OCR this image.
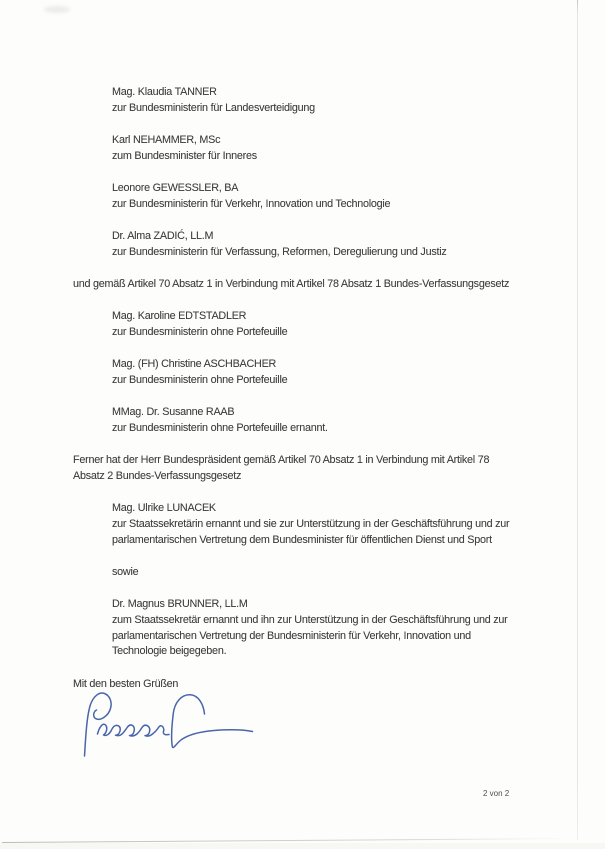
Mag. Klaudia TANNER
zur Bundesministerin für Landesverteidigung
Karl NEHAMMER, MSc
zum Bundesminister für Inneres
Leonore GEWESSLER, BA
zur Bundesministerin für Verkehr, Innovation und Technologie
Dr. Alma ZADIĆ, LL.M
zur Bundesministerin für Verfassung, Reformen, Deregulierung und Justiz
und gemäß Artikel 70 Absatz 1 in Verbindung mit Artikel 78 Absatz 1 Bundes-Verfassungsgesetz
Mag. Karoline EDTSTADLER
zur Bundesministerin ohne Portefeuille
Mag. (FH) Christine ASCHBACHER
zur Bundesministerin ohne Portefeuille
MMag. Dr. Susanne RAAB
zur Bundesministerin ohne Portefeuille ernannt.
Ferner hat der Herr Bundespräsident gemäß Artikel 70 Absatz 1 in Verbindung mit Artikel 78
Absatz 2 Bundes-Verfassungsgesetz
Mag. Ulrike LUNACEK
zur Staatssekretärin ernannt und sie zur Unterstützung in der Geschäftsführung und zur
parlamentarischen Vertretung dem Bundesminister für öffentlichen Dienst und Sport
sowie
Dr. Magnus BRUNNER, LL.M
zum Staatssekretär ernannt und ihn zur Unterstützung in der Geschäftsführung und zur
parlamentarischen Vertretung der Bundesministerin für Verkehr, Innovation und
Technologie beigegeben.
Mit den besten Grüßen
2 von 2
